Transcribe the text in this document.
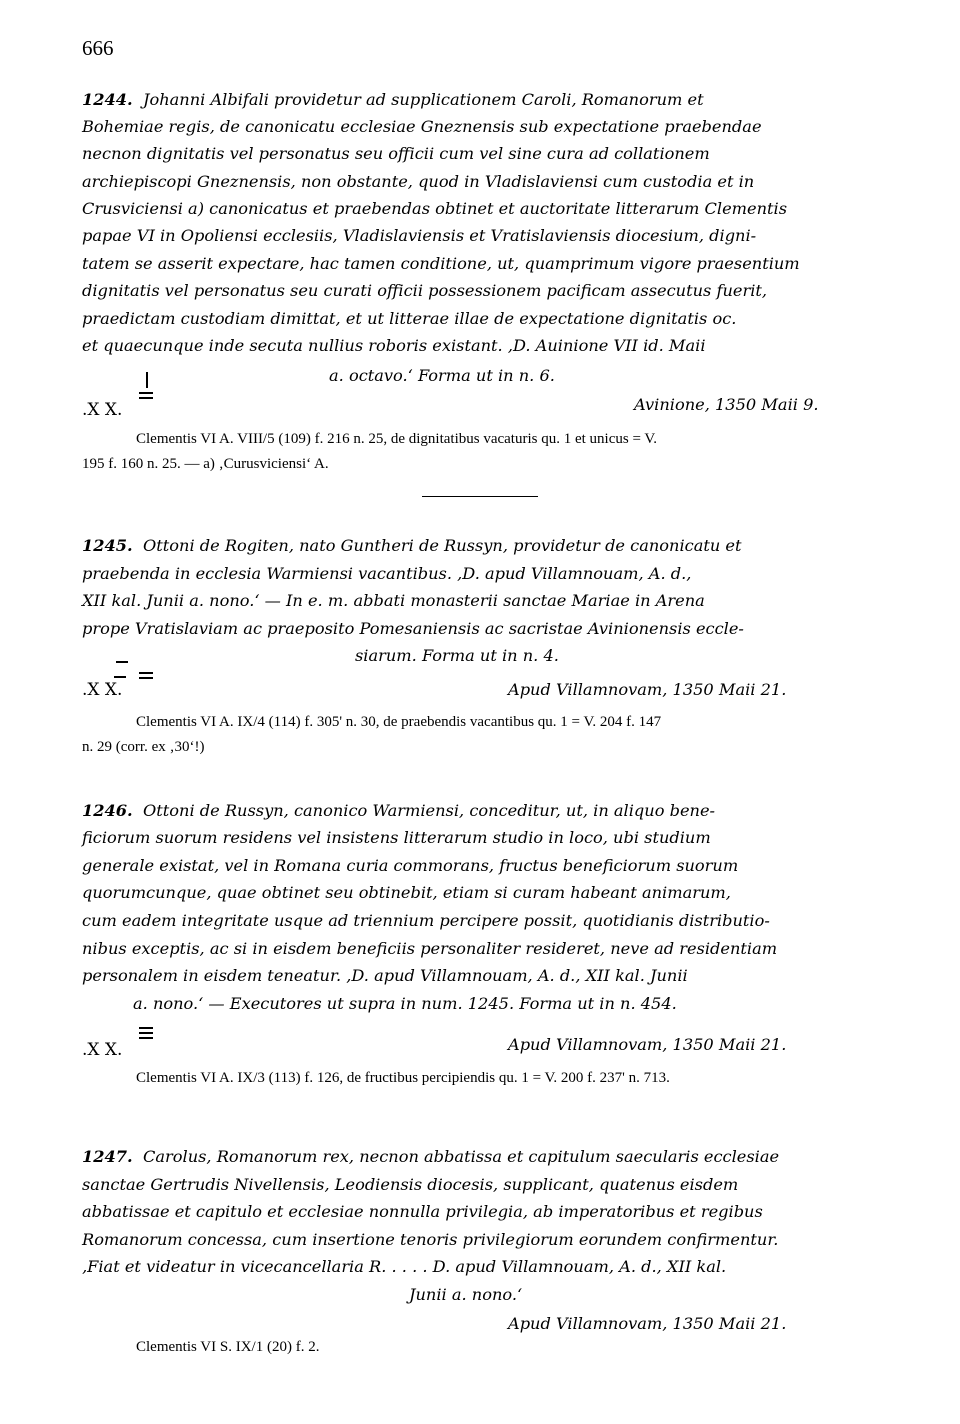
666
1244. Johanni Albifali providetur ad supplicationem Caroli, Romanorum et
Bohemiae regis, de canonicatu ecclesiae Gneznensis sub expectatione praebendae
necnon dignitatis vel personatus seu officii cum vel sine cura ad collationem
archiepiscopi Gneznensis, non obstante, quod in Vladislaviensi cum custodia et in
Crusviciensi a) canonicatus et praebendas obtinet et auctoritate litterarum Clementis
papae VI in Opoliensi ecclesiis, Vladislaviensis et Vratislaviensis diocesium, digni-
tatem se asserit expectare, hac tamen conditione, ut, quamprimum vigore praesentium
dignitatis vel personatus seu curati officii possessionem pacificam assecutus fuerit,
praedictam custodiam dimittat, et ut litterae illae de expectatione dignitatis oc.
et quaecunque inde secuta nullius roboris existant. ,D. Auinione VII id. Maii
a. octavo.‘ Forma ut in n. 6.
.X X.	Avinione, 1350 Maii 9.
Clementis VI A. VIII/5 (109) f. 216 n. 25, de dignitatibus vacaturis qu. 1 et unicus = V.
195 f. 160 n. 25. — a) ‚Curusviciensi‘ A.
1245. Ottoni de Rogiten, nato Guntheri de Russyn, providetur de canonicatu et
praebenda in ecclesia Warmiensi vacantibus. ,D. apud Villamnouam, A. d.,
XII kal. Junii a. nono.‘ — In e. m. abbati monasterii sanctae Mariae in Arena
prope Vratislaviam ac praeposito Pomesaniensis ac sacristae Avinionensis eccle-
siarum. Forma ut in n. 4.
.X X.	Apud Villamnovam, 1350 Maii 21.
Clementis VI A. IX/4 (114) f. 305' n. 30, de praebendis vacantibus qu. 1 = V. 204 f. 147
n. 29 (corr. ex ‚30‘!)
1246. Ottoni de Russyn, canonico Warmiensi, conceditur, ut, in aliquo bene-
ficiorum suorum residens vel insistens litterarum studio in loco, ubi studium
generale existat, vel in Romana curia commorans, fructus beneficiorum suorum
quorumcunque, quae obtinet seu obtinebit, etiam si curam habeant animarum,
cum eadem integritate usque ad triennium percipere possit, quotidianis distributio-
nibus exceptis, ac si in eisdem beneficiis personaliter resideret, neve ad residentiam
personalem in eisdem teneatur. ,D. apud Villamnouam, A. d., XII kal. Junii
a. nono.‘ — Executores ut supra in num. 1245. Forma ut in n. 454.
.X X.	Apud Villamnovam, 1350 Maii 21.
Clementis VI A. IX/3 (113) f. 126, de fructibus percipiendis qu. 1 = V. 200 f. 237' n. 713.
1247. Carolus, Romanorum rex, necnon abbatissa et capitulum saecularis ecclesiae
sanctae Gertrudis Nivellensis, Leodiensis diocesis, supplicant, quatenus eisdem
abbatissae et capitulo et ecclesiae nonnulla privilegia, ab imperatoribus et regibus
Romanorum concessa, cum insertione tenoris privilegiorum eorundem confirmentur.
‚Fiat et videatur in vicecancellaria R. . . . . D. apud Villamnouam, A. d., XII kal.
Junii a. nono.‘
Apud Villamnovam, 1350 Maii 21.
Clementis VI S. IX/1 (20) f. 2.
